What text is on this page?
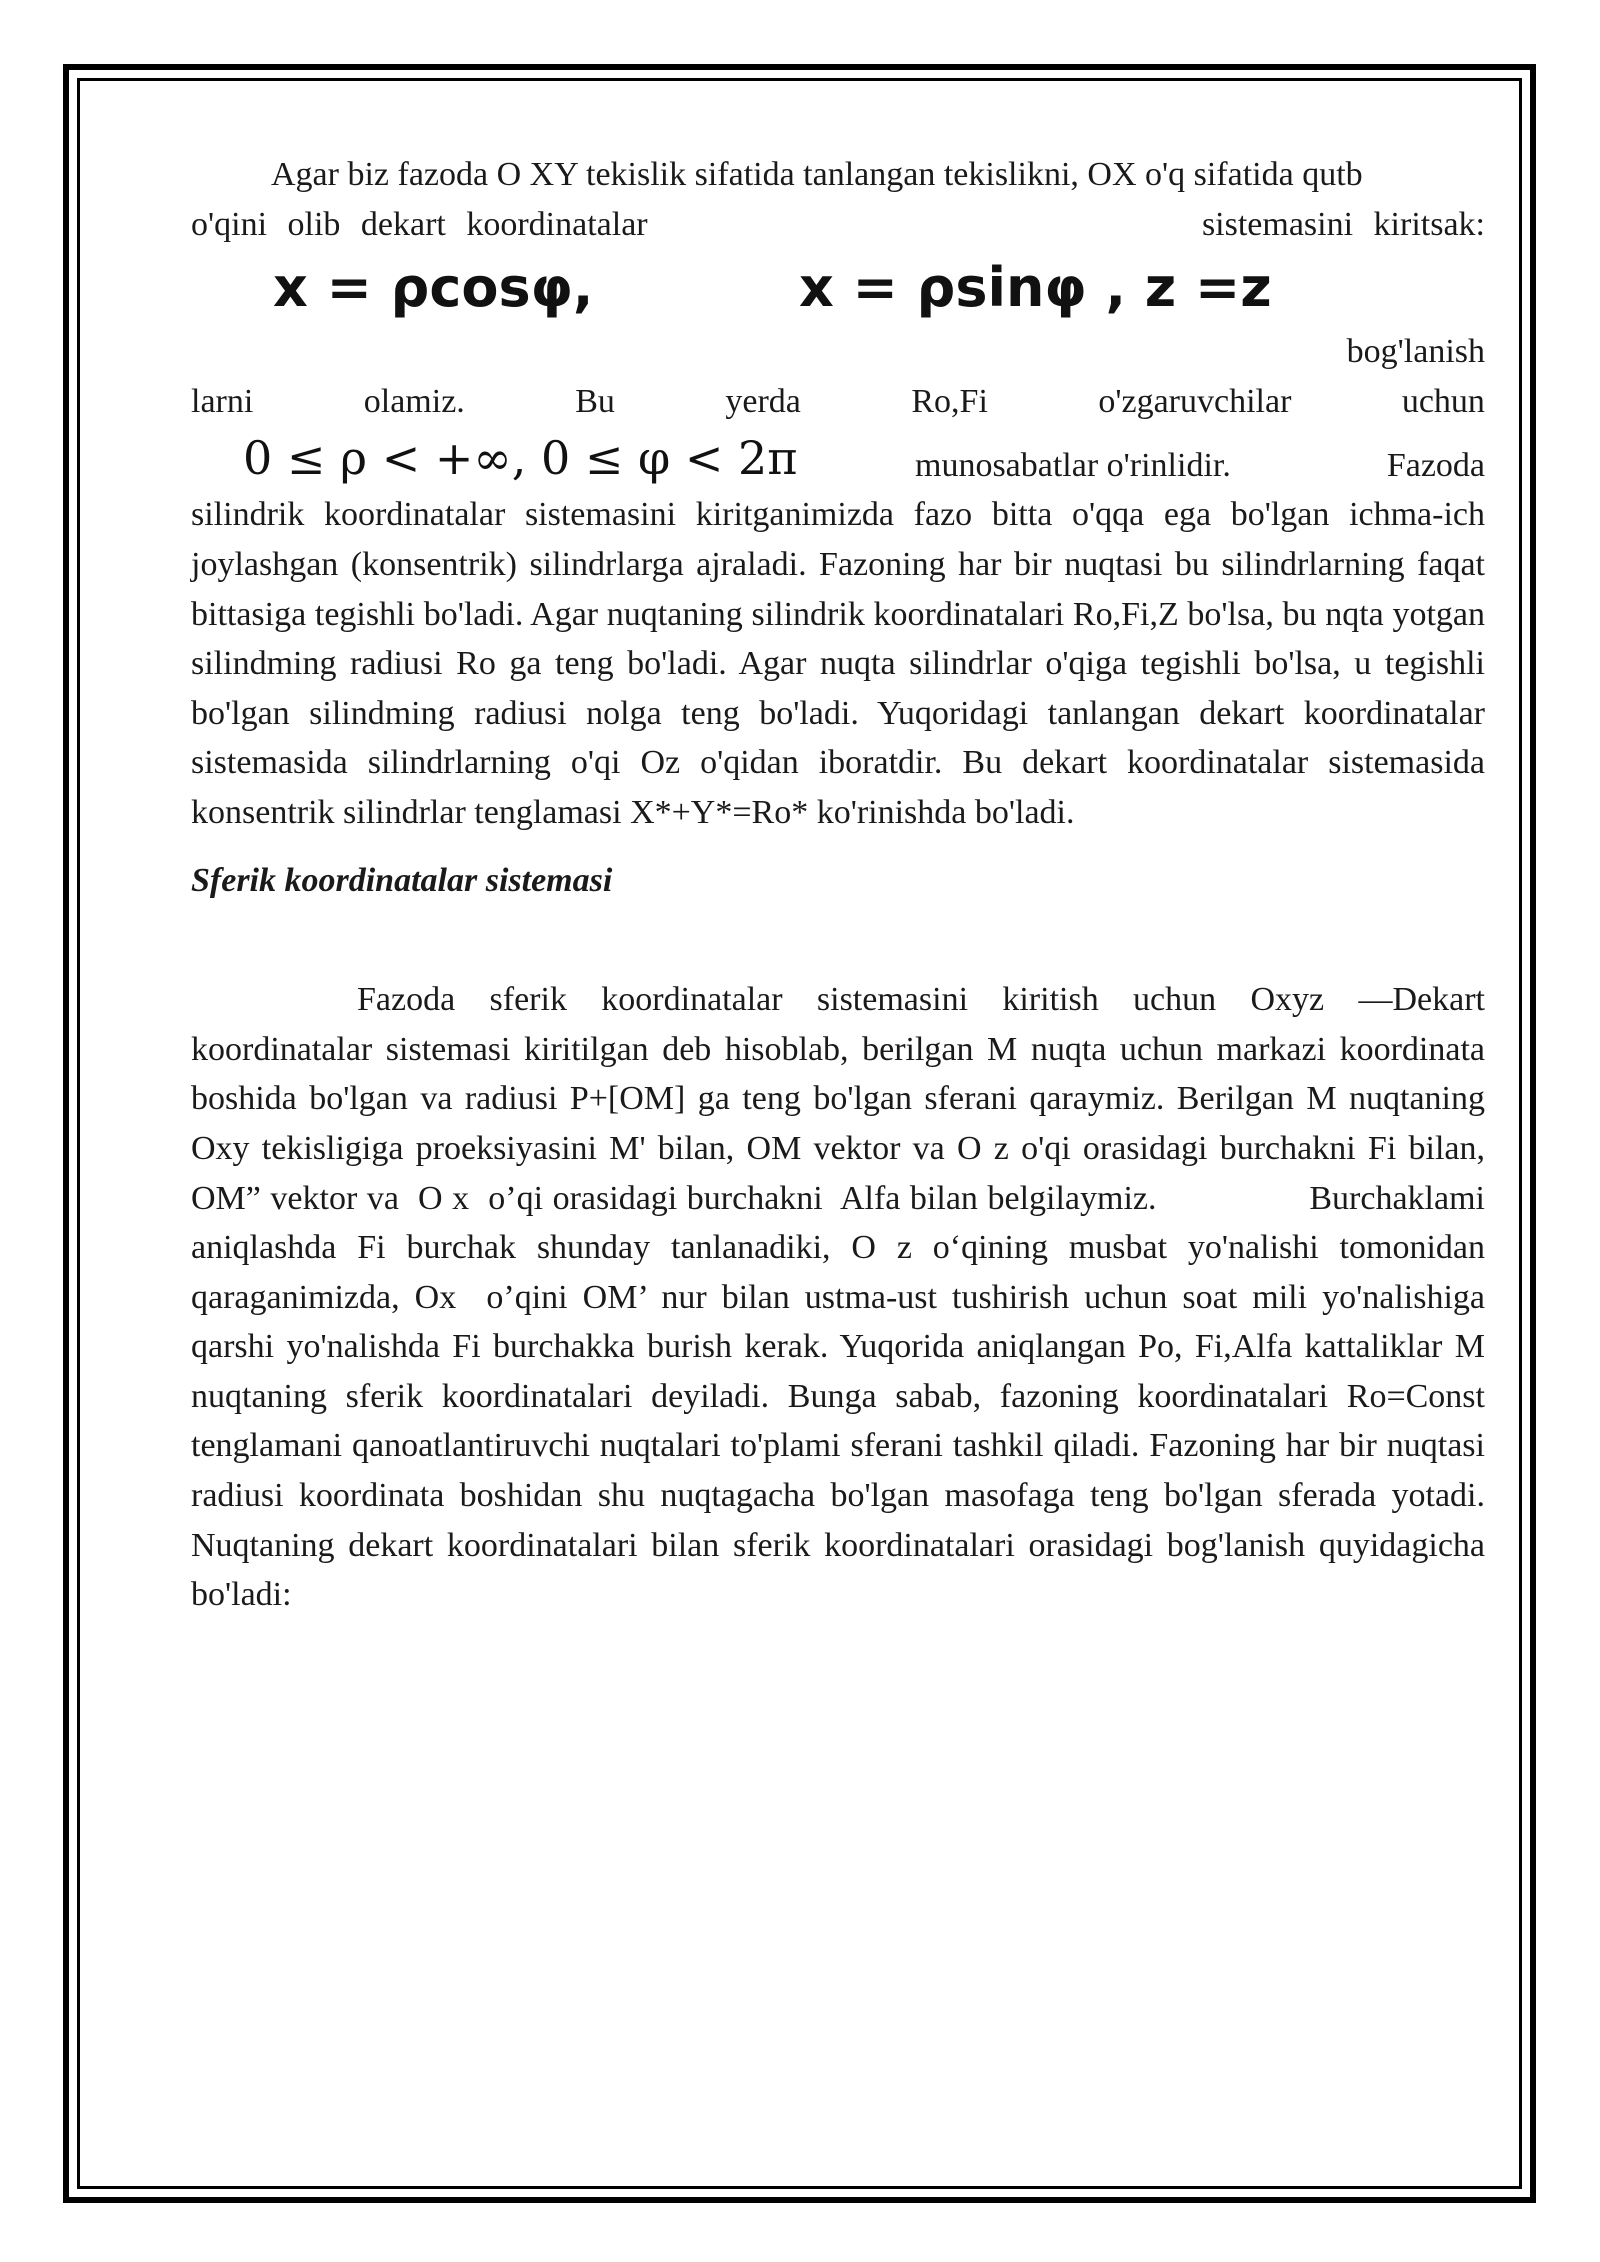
Agar biz fazoda O XY tekislik sifatida tanlangan tekislikni, OX o'q sifatida qutb

o'qini olib dekart koordinatalar	sistemasini kiritsak:
x = ρcosφ,	x = ρsinφ , z =z
bog'lanish
larni	olamiz.	Bu	yerda	Ro,Fi	o'zgaruvchilar	uchun
0 ≤ ρ < +∞, 0 ≤ φ < 2π	munosabatlar o'rinlidir.	Fazoda

silindrik koordinatalar sistemasini kiritganimizda fazo bitta o'qqa ega bo'lgan ichma-ich joylashgan (konsentrik) silindrlarga ajraladi. Fazoning har bir nuqtasi bu silindrlarning faqat bittasiga tegishli bo'ladi. Agar nuqtaning silindrik koordinatalari Ro,Fi,Z bo'lsa, bu nqta yotgan silindming radiusi Ro ga teng bo'ladi. Agar nuqta silindrlar o'qiga tegishli bo'lsa, u tegishli bo'lgan silindming radiusi nolga teng bo'ladi. Yuqoridagi tanlangan dekart koordinatalar sistemasida silindrlarning o'qi Oz o'qidan iboratdir. Bu dekart koordinatalar sistemasida konsentrik silindrlar tenglamasi X*+Y*=Ro* ko'rinishda bo'ladi.

Sferik koordinatalar sistemasi

Fazoda sferik koordinatalar sistemasini kiritish uchun Oxyz —Dekart koordinatalar sistemasi kiritilgan deb hisoblab, berilgan M nuqta uchun markazi koordinata boshida bo'lgan va radiusi P+[OM] ga teng bo'lgan sferani qaraymiz. Berilgan M nuqtaning Oxy tekisligiga proeksiyasini M' bilan, OM vektor va O z o'qi orasidagi burchakni Fi bilan, OM” vektor va  O x  o’qi orasidagi burchakni  Alfa bilan belgilaymiz.                Burchaklami aniqlashda Fi burchak shunday tanlanadiki, O z o‘qining musbat yo'nalishi tomonidan qaraganimizda, Ox  o’qini OM’ nur bilan ustma-ust tushirish uchun soat mili yo'nalishiga qarshi yo'nalishda Fi burchakka burish kerak. Yuqorida aniqlangan Po, Fi,Alfa kattaliklar M nuqtaning sferik koordinatalari deyiladi. Bunga sabab, fazoning koordinatalari Ro=Const tenglamani qanoatlantiruvchi nuqtalari to'plami sferani tashkil qiladi. Fazoning har bir nuqtasi radiusi koordinata boshidan shu nuqtagacha bo'lgan masofaga teng bo'lgan sferada yotadi. Nuqtaning dekart koordinatalari bilan sferik koordinatalari orasidagi bog'lanish quyidagicha bo'ladi:
